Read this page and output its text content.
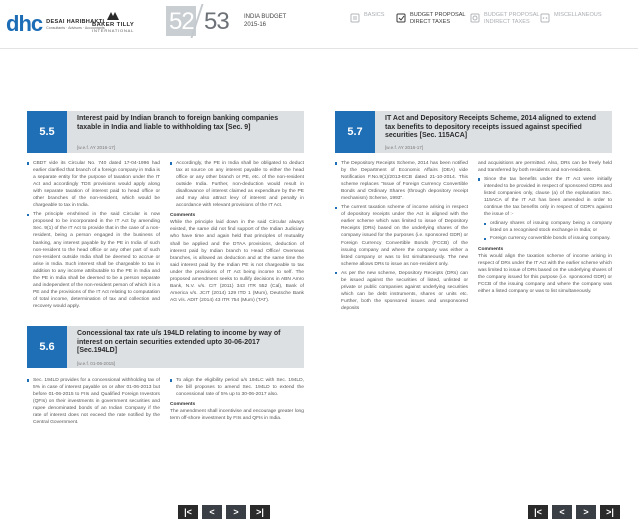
dhc DESAI HARIBHAKTI
Consultants · Advisors · Accountants
BAKER TILLY
INTERNATIONAL 52 53	INDIA BUDGET
2015-16
BASICS	BUDGET PROPOSAL
DIRECT TAXES
BUDGET PROPOSAL
INDIRECT TAXES
MISCELLANEOUS
5.5
Interest paid by Indian branch to foreign banking companies taxable in India and liable to withholding tax [Sec. 9]
[w.e.f. AY 2016-17]
CBDT vide its Circular No. 740 dated 17-04-1996 had earlier clarified that branch of a foreign company in India is a separate entity for the purpose of taxation under the IT Act and accordingly TDS provisions would apply along with separate taxation of interest paid to head office or other branches of the non-resident, which would be chargeable to tax in India.
The principle enshrined in the said Circular is now proposed to be incorporated in the IT Act by amending Sec. 9(1) of the IT Act to provide that in the case of a non-resident, being a person engaged in the business of banking, any interest payable by the PE in India of such non-resident to the head office or any other part of such non-resident outside India shall be deemed to accrue or arise in India. Such interest shall be chargeable to tax in addition to any income attributable to the PE in India and the PE in India shall be deemed to be a person separate and independent of the non-resident person of which it is a PE and the provisions of the IT Act relating to computation of total income, determination of tax and collection and recovery would apply.
Accordingly, the PE in India shall be obligated to deduct tax at source on any interest payable to either the head office or any other branch or PE, etc. of the non-resident outside India. Further, non-deduction would result in disallowance of interest claimed as expenditure by the PE and may also attract levy of interest and penalty in accordance with relevant provisions of the IT Act.
Comments

While the principle laid down in the said Circular always existed, the same did not find support of the Indian Judiciary who have time and again held that principles of mutuality shall be applied and the DTAA provisions, deduction of interest paid by Indian branch to Head Office/ Overseas branches, is allowed as deduction and at the same time the said interest paid by the Indian PE is not chargeable to tax under the provisions of IT Act being income to self. The proposed amendment seeks to nullify decisions in ABN Amro Bank, N.V. v/s. CIT (2011) 343 ITR 552 (Cal), Bank of America v/s. JCIT (2014) 129 ITD 1 (Mum), Deutsche Bank AG v/s. ADIT (2014) 43 ITR 754 (Mum) (TAT).

5.6
Concessional tax rate u/s 194LD relating to income by way of interest on certain securities extended upto 30-06-2017 [Sec.194LD]
[w.e.f. 01-06-2015]
Sec. 194LD provides for a concessional withholding tax of 5% in case of interest payable on or after 01-06-2013 but before 01-06-2015 to FIIs and Qualified Foreign Investors (QFIs) on their investments in government securities and rupee denominated bonds of an Indian Company if the rate of interest does not exceed the rate notified by the Central Government.
To align the eligibility period u/s 194LC with Sec. 194LD, the bill proposes to amend Sec. 194LD to extend the concessional rate of 5% up to 30-06-2017 also.
Comments

The amendment shall incentivise and encourage greater long term off-shore investment by FIIs and QFIs in India.

5.7
IT Act and Depository Receipts Scheme, 2014 aligned to extend tax benefits to depository receipts issued against specified securities [Sec. 115ACA]
[w.e.f. AY 2016-17]
The Depository Receipts Scheme, 2014 has been notified by the Department of Economic Affairs (DEA) vide Notification F.No.9(1)/2013-ECB dated 21-10-2014. This scheme replaces "Issue of Foreign Currency Convertible Bonds and Ordinary Shares (through depository receipt mechanism) Scheme, 1993".
The current taxation scheme of income arising in respect of depository receipts under the Act is aligned with the earlier scheme which was limited to issue of Depository Receipts (DRs) based on the underlying shares of the company issued for the purposes (i.e. sponsored GDR) or Foreign Currency Convertible Bonds (FCCB) of the issuing company and where the company was either a listed company or was to list simultaneously. The new scheme allows DRs to issue as non-resident only.
As per the new scheme, Depository Receipts (DRs) can be issued against the securities of listed, unlisted or private or public companies against underlying securities which can be debt instruments, shares or units etc. Further, both the sponsored issues and unsponsored deposits

and acquisitions are permitted. Also, DRs can be freely held and transferred by both residents and non-residents.

Since the tax benefits under the IT Act were initially intended to be provided in respect of sponsored GDRs and listed companies only, clause (a) of the explanation Sec. 115ACA of the IT Act has been amended in order to continue the tax benefits only in respect of GDR's against the issue of :-
ordinary shares of issuing company being a company listed on a recognised stock exchange in India; or
Foreign currency convertible bonds of issuing company.
Comments

This would align the taxation scheme of income arising in respect of DRs under the IT Act with the earlier scheme which was limited to issue of DRs based on the underlying shares of the company issued for this purpose (i.e. sponsored GDR) or FCCB of the issuing company and where the company was either a listed company or was to list simultaneously.

|< < > >|	|< < > >|
